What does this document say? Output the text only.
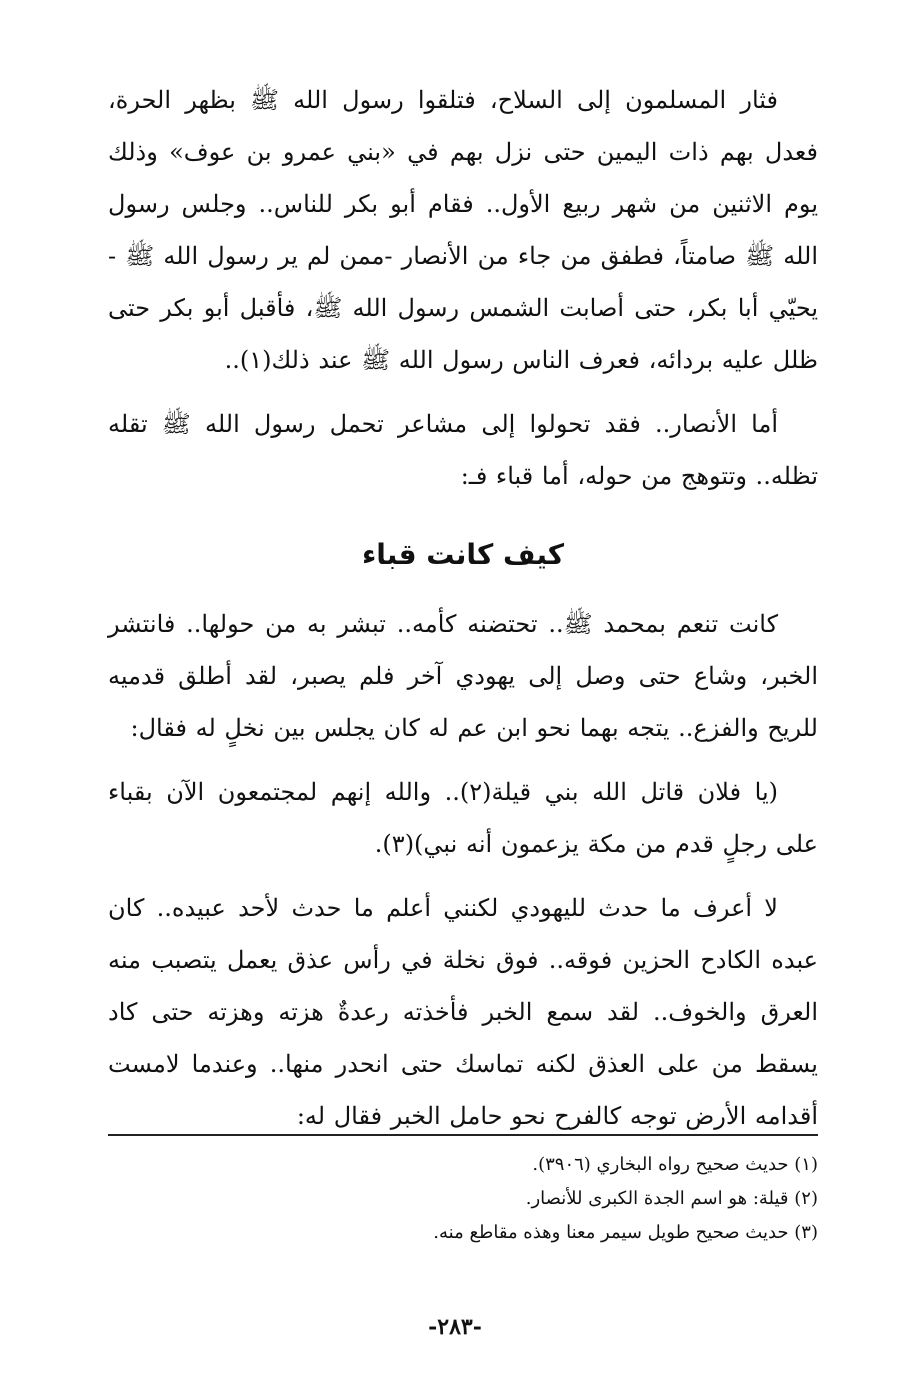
فثار المسلمون إلى السلاح، فتلقوا رسول الله ﷺ بظهر الحرة، فعدل بهم ذات اليمين حتى نزل بهم في «بني عمرو بن عوف» وذلك يوم الاثنين من شهر ربيع الأول.. فقام أبو بكر للناس.. وجلس رسول الله ﷺ صامتاً، فطفق من جاء من الأنصار -ممن لم ير رسول الله ﷺ - يحيّي أبا بكر، حتى أصابت الشمس رسول الله ﷺ، فأقبل أبو بكر حتى ظلل عليه بردائه، فعرف الناس رسول الله ﷺ عند ذلك(١)..

أما الأنصار.. فقد تحولوا إلى مشاعر تحمل رسول الله ﷺ تقله تظله.. وتتوهج من حوله، أما قباء فـ:

كيف كانت قباء

كانت تنعم بمحمد ﷺ.. تحتضنه كأمه.. تبشر به من حولها.. فانتشر الخبر، وشاع حتى وصل إلى يهودي آخر فلم يصبر، لقد أطلق قدميه للريح والفزع.. يتجه بهما نحو ابن عم له كان يجلس بين نخلٍ له فقال:

(يا فلان قاتل الله بني قيلة(٢).. والله إنهم لمجتمعون الآن بقباء على رجلٍ قدم من مكة يزعمون أنه نبي)(٣).

لا أعرف ما حدث لليهودي لكنني أعلم ما حدث لأحد عبيده.. كان عبده الكادح الحزين فوقه.. فوق نخلة في رأس عذق يعمل يتصبب منه العرق والخوف.. لقد سمع الخبر فأخذته رعدةٌ هزته وهزته حتى كاد يسقط من على العذق لكنه تماسك حتى انحدر منها.. وعندما لامست أقدامه الأرض توجه كالفرح نحو حامل الخبر فقال له:

(١) حديث صحيح رواه البخاري (٣٩٠٦).

(٢) قيلة: هو اسم الجدة الكبرى للأنصار.

(٣) حديث صحيح طويل سيمر معنا وهذه مقاطع منه.

-٢٨٣-
